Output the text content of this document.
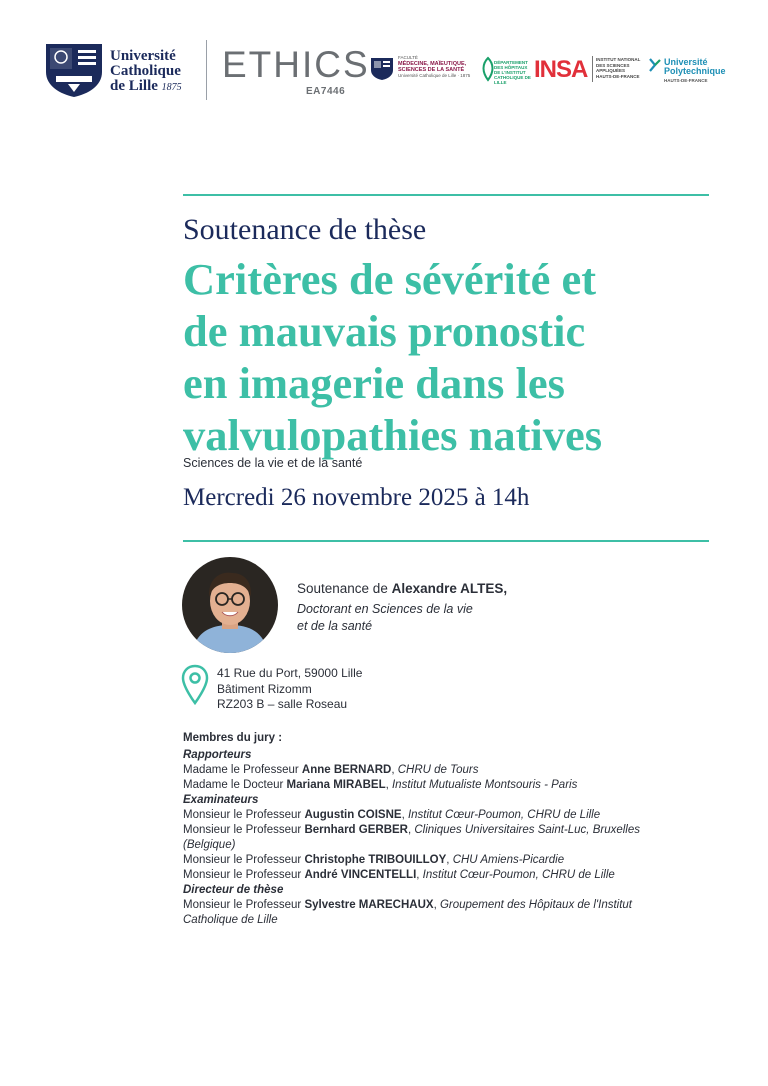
Université
Catholique
de Lille 1875
ETHICS
EA7446
FACULTÉ
MÉDECINE, MAÏEUTIQUE, SCIENCES DE LA SANTÉ
Université Catholique de Lille · 1875
DÉPARTEMENT DES HÔPITAUX DE L'INSTITUT CATHOLIQUE DE LILLE	INSA INSTITUT NATIONAL DES SCIENCES APPLIQUÉES
HAUTS-DE-FRANCE
Université
Polytechnique
HAUTS-DE-FRANCE
Soutenance de thèse
Critères de sévérité et
de mauvais pronostic
en imagerie dans les
valvulopathies natives
Sciences de la vie et de la santé
Mercredi 26 novembre 2025 à 14h
Soutenance de Alexandre ALTES,
Doctorant en Sciences de la vie
et de la santé
41 Rue du Port, 59000 Lille
Bâtiment Rizomm
RZ203 B – salle Roseau
Membres du jury :
Rapporteurs
Madame le Professeur Anne BERNARD, CHRU de Tours
Madame le Docteur Mariana MIRABEL, Institut Mutualiste Montsouris - Paris
Examinateurs
Monsieur le Professeur Augustin COISNE, Institut Cœur-Poumon, CHRU de Lille
Monsieur le Professeur Bernhard GERBER, Cliniques Universitaires Saint-Luc, Bruxelles (Belgique)
Monsieur le Professeur Christophe TRIBOUILLOY, CHU Amiens-Picardie
Monsieur le Professeur André VINCENTELLI, Institut Cœur-Poumon, CHRU de Lille
Directeur de thèse
Monsieur le Professeur Sylvestre MARECHAUX, Groupement des Hôpitaux de l'Institut Catholique de Lille
